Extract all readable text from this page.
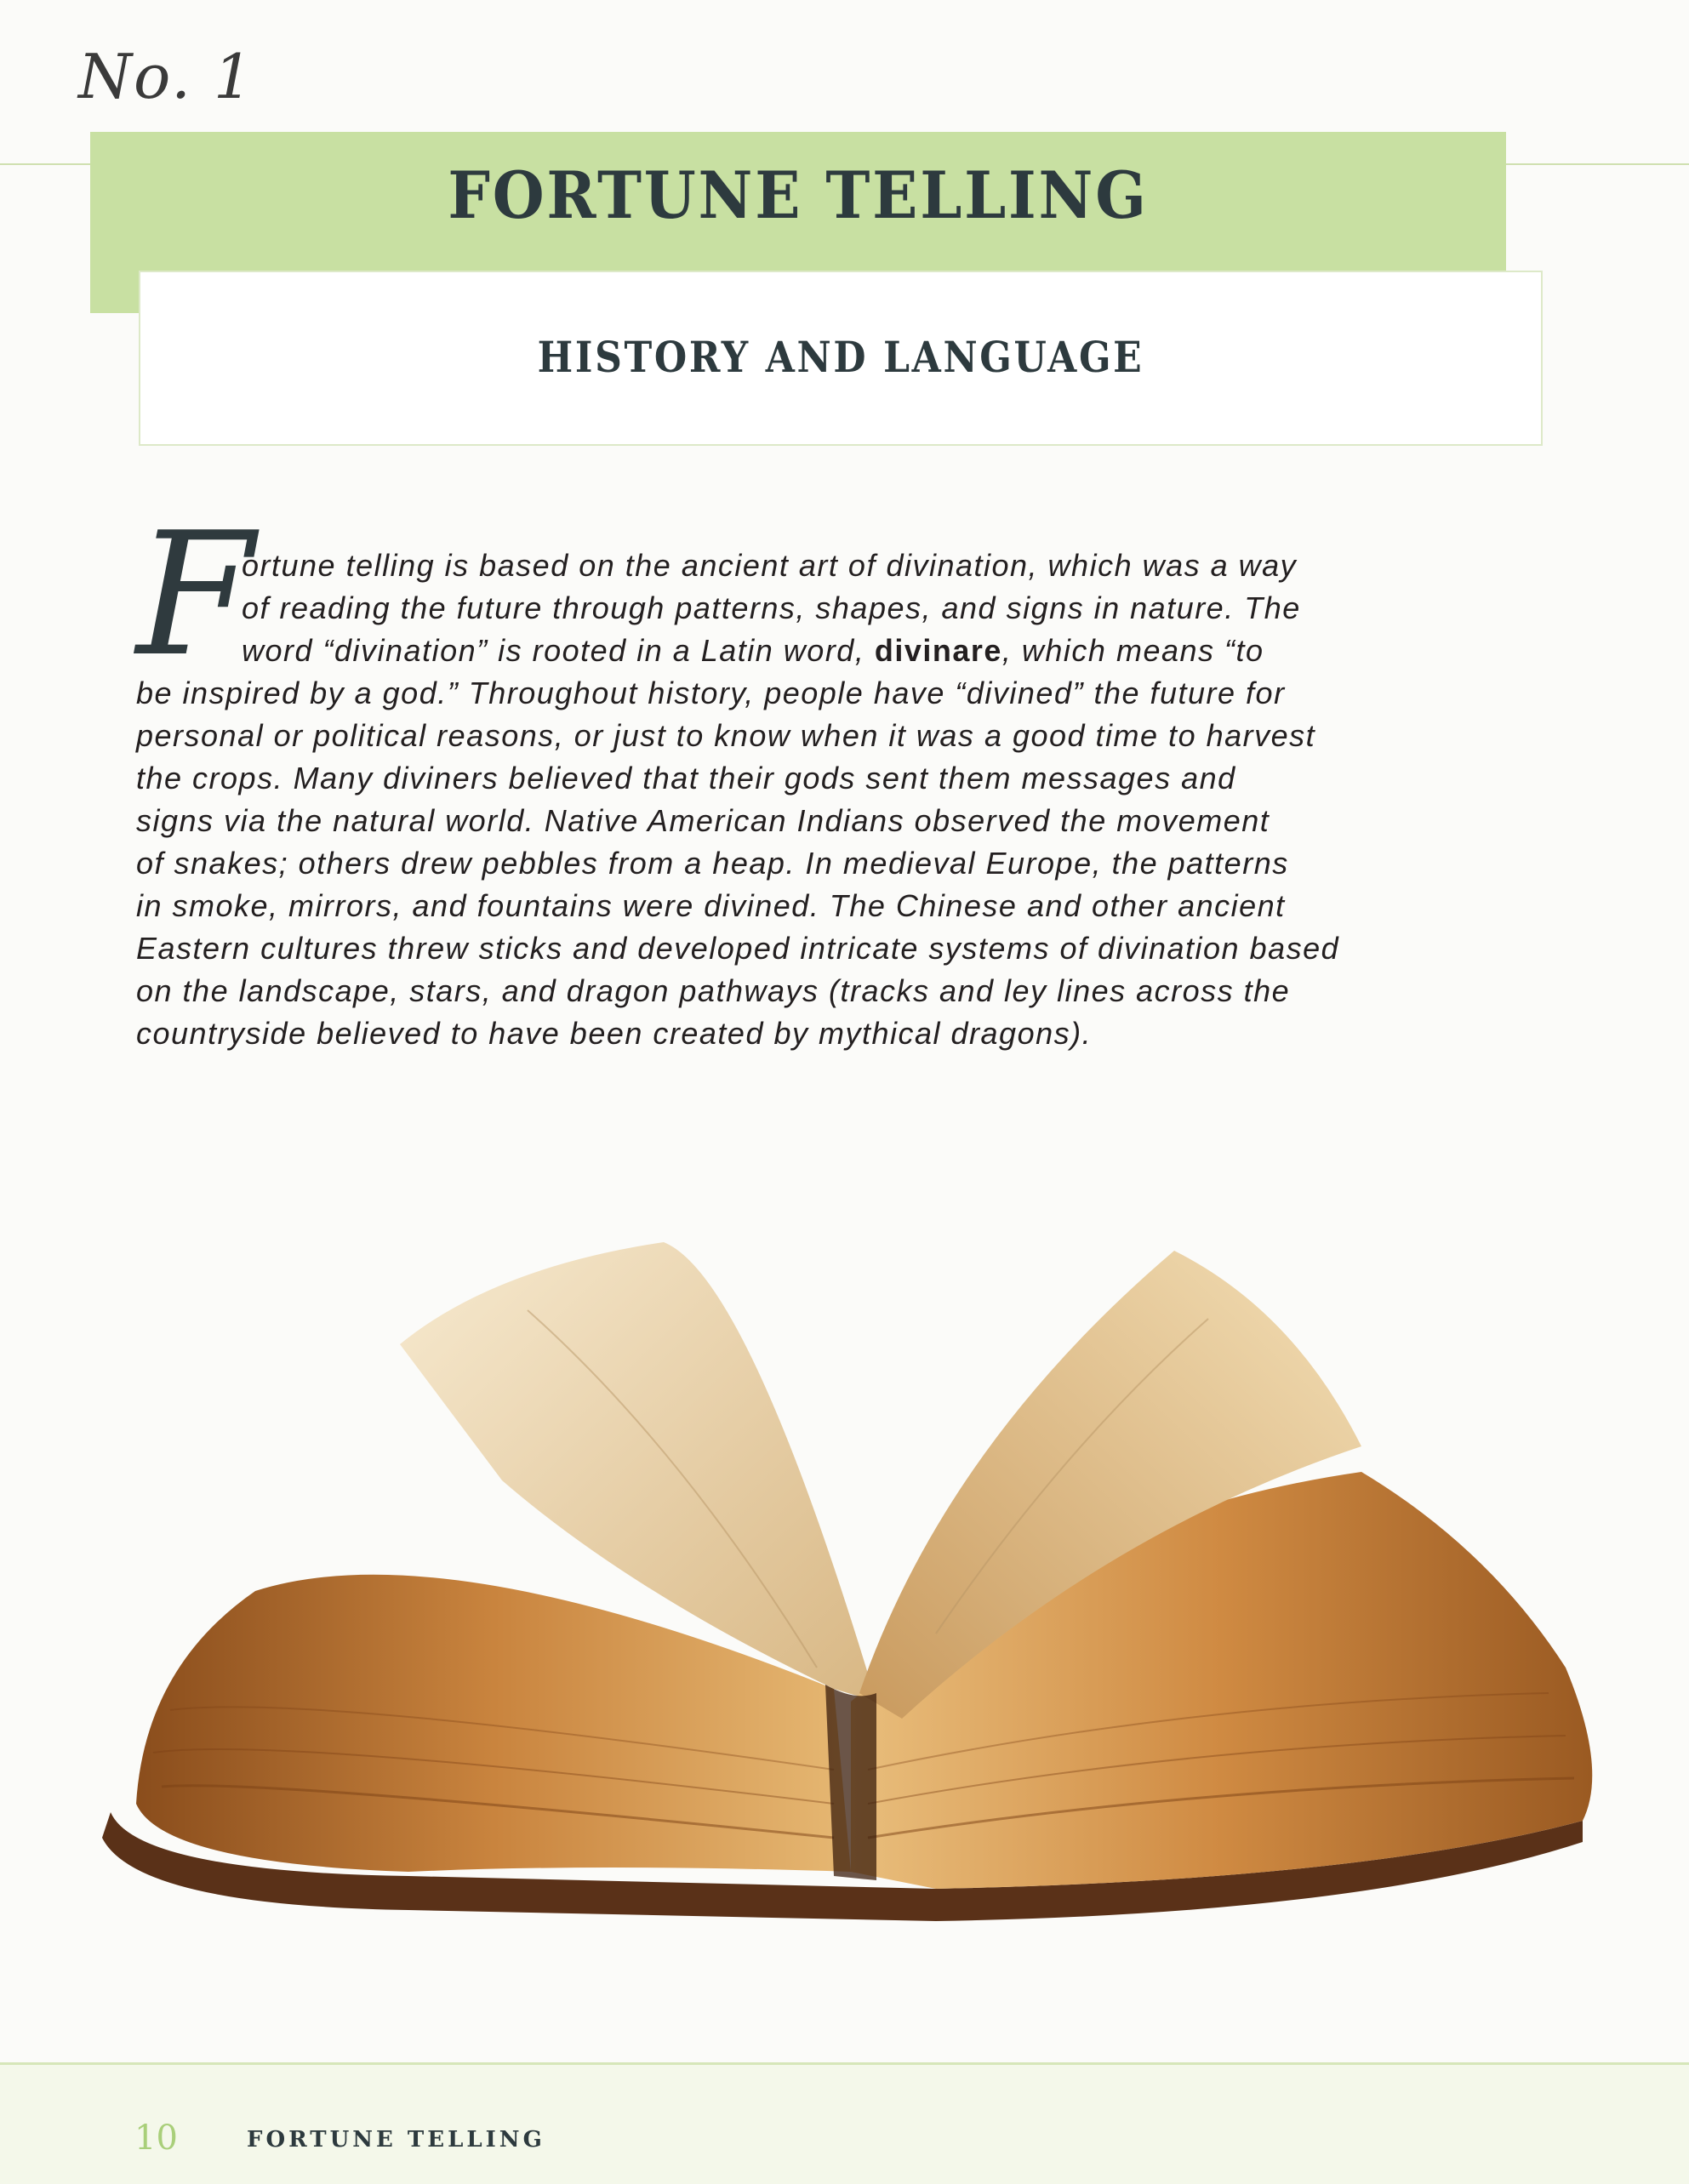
No. 1
FORTUNE TELLING
HISTORY AND LANGUAGE
F
ortune telling is based on the ancient art of divination, which was a way
of reading the future through patterns, shapes, and signs in nature. The
word “divination” is rooted in a Latin word, divinare, which means “to
be inspired by a god.” Throughout history, people have “divined” the future for
personal or political reasons, or just to know when it was a good time to harvest
the crops. Many diviners believed that their gods sent them messages and
signs via the natural world. Native American Indians observed the movement
of snakes; others drew pebbles from a heap. In medieval Europe, the patterns
in smoke, mirrors, and fountains were divined. The Chinese and other ancient
Eastern cultures threw sticks and developed intricate systems of divination based
on the landscape, stars, and dragon pathways (tracks and ley lines across the
countryside believed to have been created by mythical dragons).
10	FORTUNE TELLING
